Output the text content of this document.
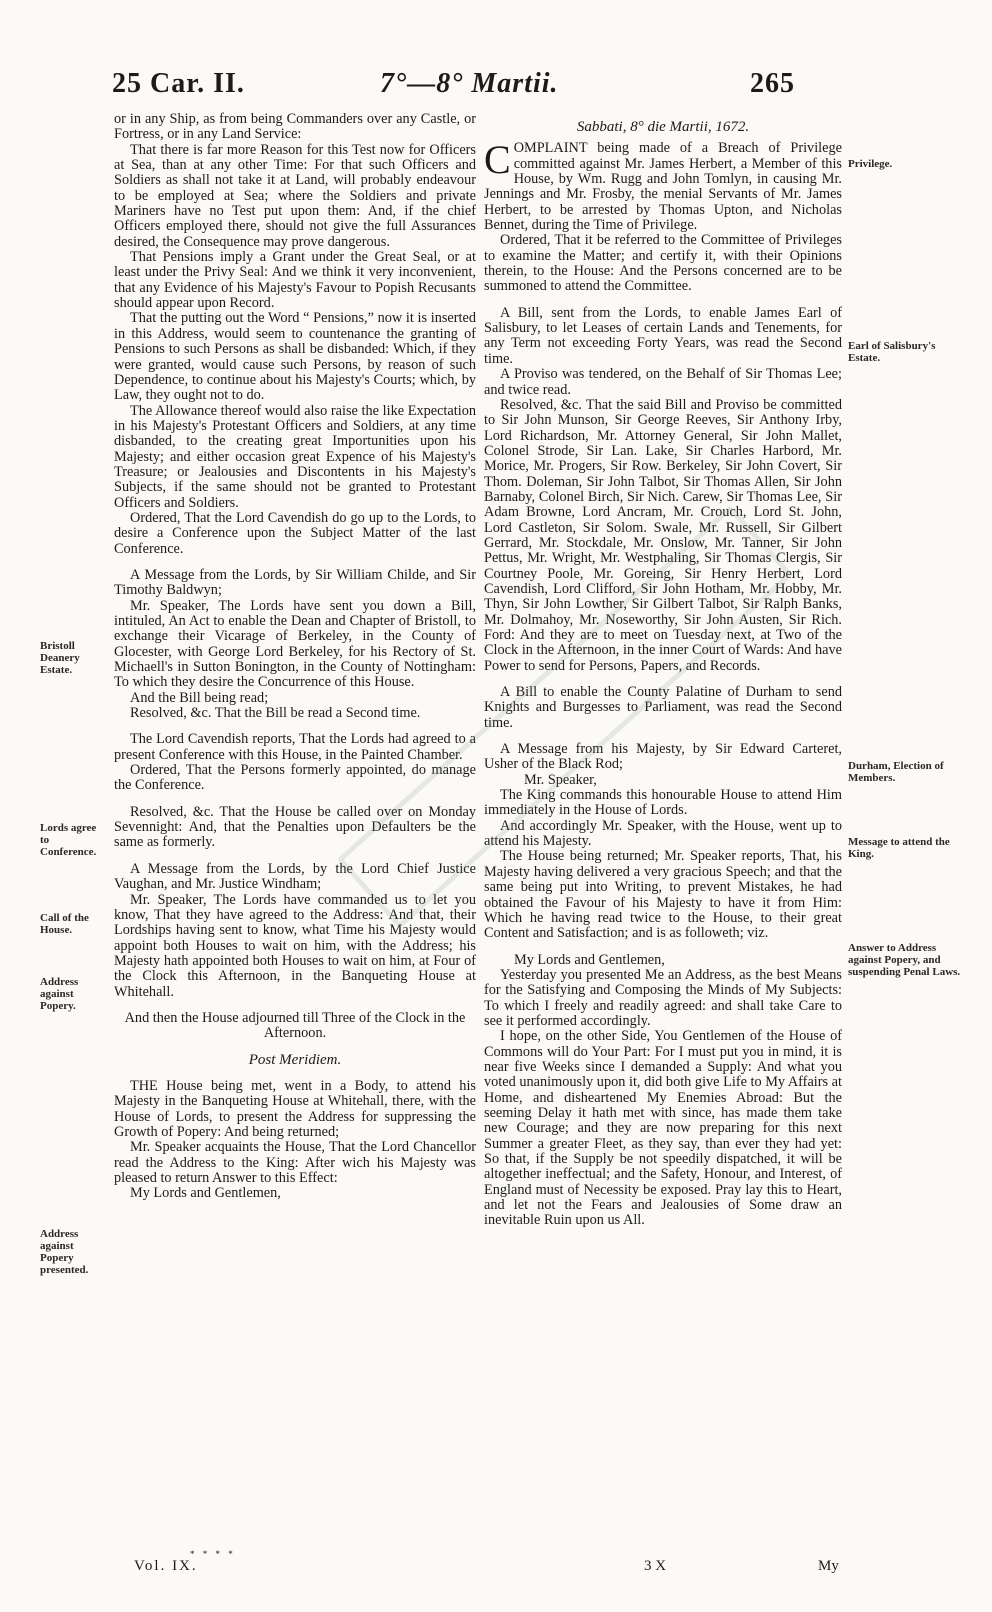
25 Car. II.	7°—8° Martii.	265

or in any Ship, as from being Commanders over any Castle, or Fortress, or in any Land Service:

That there is far more Reason for this Test now for Officers at Sea, than at any other Time: For that such Officers and Soldiers as shall not take it at Land, will probably endeavour to be employed at Sea; where the Soldiers and private Mariners have no Test put upon them: And, if the chief Officers employed there, should not give the full Assurances desired, the Consequence may prove dangerous.

That Pensions imply a Grant under the Great Seal, or at least under the Privy Seal: And we think it very inconvenient, that any Evidence of his Majesty's Favour to Popish Recusants should appear upon Record.

That the putting out the Word “ Pensions,” now it is inserted in this Address, would seem to countenance the granting of Pensions to such Persons as shall be disbanded: Which, if they were granted, would cause such Persons, by reason of such Dependence, to continue about his Majesty's Courts; which, by Law, they ought not to do.

The Allowance thereof would also raise the like Expectation in his Majesty's Protestant Officers and Soldiers, at any time disbanded, to the creating great Importunities upon his Majesty; and either occasion great Expence of his Majesty's Treasure; or Jealousies and Discontents in his Majesty's Subjects, if the same should not be granted to Protestant Officers and Soldiers.

Ordered, That the Lord Cavendish do go up to the Lords, to desire a Conference upon the Subject Matter of the last Conference.

A Message from the Lords, by Sir William Childe, and Sir Timothy Baldwyn;

Mr. Speaker, The Lords have sent you down a Bill, intituled, An Act to enable the Dean and Chapter of Bristoll, to exchange their Vicarage of Berkeley, in the County of Glocester, with George Lord Berkeley, for his Rectory of St. Michaell's in Sutton Bonington, in the County of Nottingham: To which they desire the Concurrence of this House.

And the Bill being read;

Resolved, &c. That the Bill be read a Second time.

The Lord Cavendish reports, That the Lords had agreed to a present Conference with this House, in the Painted Chamber.

Ordered, That the Persons formerly appointed, do manage the Conference.

Resolved, &c. That the House be called over on Monday Sevennight: And, that the Penalties upon Defaulters be the same as formerly.

A Message from the Lords, by the Lord Chief Justice Vaughan, and Mr. Justice Windham;

Mr. Speaker, The Lords have commanded us to let you know, That they have agreed to the Address: And that, their Lordships having sent to know, what Time his Majesty would appoint both Houses to wait on him, with the Address; his Majesty hath appointed both Houses to wait on him, at Four of the Clock this Afternoon, in the Banqueting House at Whitehall.

And then the House adjourned till Three of the Clock in the Afternoon.

Post Meridiem.

THE House being met, went in a Body, to attend his Majesty in the Banqueting House at Whitehall, there, with the House of Lords, to present the Address for suppressing the Growth of Popery: And being returned;

Mr. Speaker acquaints the House, That the Lord Chancellor read the Address to the King: After wich his Majesty was pleased to return Answer to this Effect:

My Lords and Gentlemen,

Sabbati, 8° die Martii, 1672.

COMPLAINT being made of a Breach of Privilege committed against Mr. James Herbert, a Member of this House, by Wm. Rugg and John Tomlyn, in causing Mr. Jennings and Mr. Frosby, the menial Servants of Mr. James Herbert, to be arrested by Thomas Upton, and Nicholas Bennet, during the Time of Privilege.

Ordered, That it be referred to the Committee of Privileges to examine the Matter; and certify it, with their Opinions therein, to the House: And the Persons concerned are to be summoned to attend the Committee.

A Bill, sent from the Lords, to enable James Earl of Salisbury, to let Leases of certain Lands and Tenements, for any Term not exceeding Forty Years, was read the Second time.

A Proviso was tendered, on the Behalf of Sir Thomas Lee; and twice read.

Resolved, &c. That the said Bill and Proviso be committed to Sir John Munson, Sir George Reeves, Sir Anthony Irby, Lord Richardson, Mr. Attorney General, Sir John Mallet, Colonel Strode, Sir Lan. Lake, Sir Charles Harbord, Mr. Morice, Mr. Progers, Sir Row. Berkeley, Sir John Covert, Sir Thom. Doleman, Sir John Talbot, Sir Thomas Allen, Sir John Barnaby, Colonel Birch, Sir Nich. Carew, Sir Thomas Lee, Sir Adam Browne, Lord Ancram, Mr. Crouch, Lord St. John, Lord Castleton, Sir Solom. Swale, Mr. Russell, Sir Gilbert Gerrard, Mr. Stockdale, Mr. Onslow, Mr. Tanner, Sir John Pettus, Mr. Wright, Mr. Westphaling, Sir Thomas Clergis, Sir Courtney Poole, Mr. Goreing, Sir Henry Herbert, Lord Cavendish, Lord Clifford, Sir John Hotham, Mr. Hobby, Mr. Thyn, Sir John Lowther, Sir Gilbert Talbot, Sir Ralph Banks, Mr. Dolmahoy, Mr. Noseworthy, Sir John Austen, Sir Rich. Ford: And they are to meet on Tuesday next, at Two of the Clock in the Afternoon, in the inner Court of Wards: And have Power to send for Persons, Papers, and Records.

A Bill to enable the County Palatine of Durham to send Knights and Burgesses to Parliament, was read the Second time.

A Message from his Majesty, by Sir Edward Carteret, Usher of the Black Rod;

Mr. Speaker,

The King commands this honourable House to attend Him immediately in the House of Lords.

And accordingly Mr. Speaker, with the House, went up to attend his Majesty.

The House being returned; Mr. Speaker reports, That, his Majesty having delivered a very gracious Speech; and that the same being put into Writing, to prevent Mistakes, he had obtained the Favour of his Majesty to have it from Him: Which he having read twice to the House, to their great Content and Satisfaction; and is as followeth; viz.

My Lords and Gentlemen,

Yesterday you presented Me an Address, as the best Means for the Satisfying and Composing the Minds of My Subjects: To which I freely and readily agreed: and shall take Care to see it performed accordingly.

I hope, on the other Side, You Gentlemen of the House of Commons will do Your Part: For I must put you in mind, it is near five Weeks since I demanded a Supply: And what you voted unanimously upon it, did both give Life to My Affairs at Home, and disheartened My Enemies Abroad: But the seeming Delay it hath met with since, has made them take new Courage; and they are now preparing for this next Summer a greater Fleet, as they say, than ever they had yet: So that, if the Supply be not speedily dispatched, it will be altogether ineffectual; and the Safety, Honour, and Interest, of England must of Necessity be exposed. Pray lay this to Heart, and let not the Fears and Jealousies of Some draw an inevitable Ruin upon us All.

Bristoll Deanery Estate.
Lords agree to Conference.
Call of the House.
Address against Popery.
Address against Popery presented.
Privilege.
Earl of Salisbury's Estate.
Durham, Election of Members.
Message to attend the King.
Answer to Address against Popery, and suspending Penal Laws.
* * * *
Vol. IX.	3 X	My
